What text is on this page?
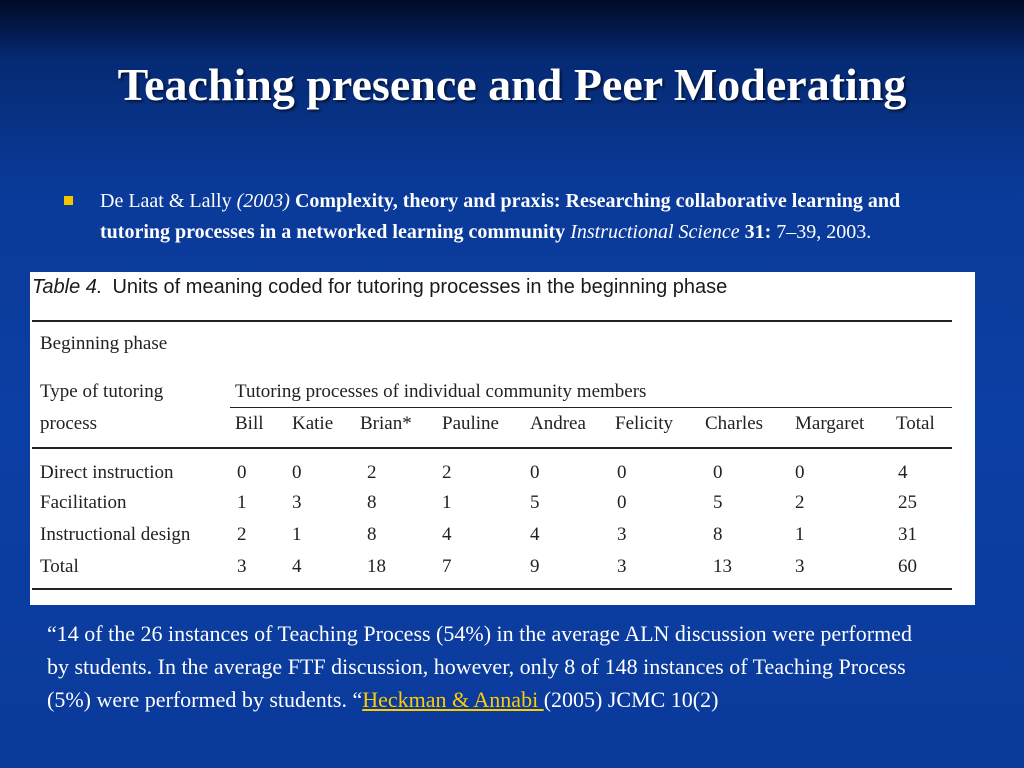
Teaching presence and Peer Moderating
De Laat & Lally (2003) Complexity, theory and praxis: Researching collaborative learning and tutoring processes in a networked learning community Instructional Science 31: 7–39, 2003.
Table 4. Units of meaning coded for tutoring processes in the beginning phase
Beginning phase
Type of tutoring
process
Tutoring processes of individual community members
Bill Katie Brian* Pauline Andrea Felicity Charles Margaret Total
Direct instruction	0 0	2	2	0	0	0	0	4
Facilitation	1 3	8	1	5	0	5	2	25
Instructional design 2 1	8	4	4	3	8	1	31
Total	3 4	18	7	9	3	13	3	60
“14 of the 26 instances of Teaching Process (54%) in the average ALN discussion were performed by students. In the average FTF discussion, however, only 8 of 148 instances of Teaching Process (5%) were performed by students. “Heckman & Annabi (2005) JCMC 10(2)
